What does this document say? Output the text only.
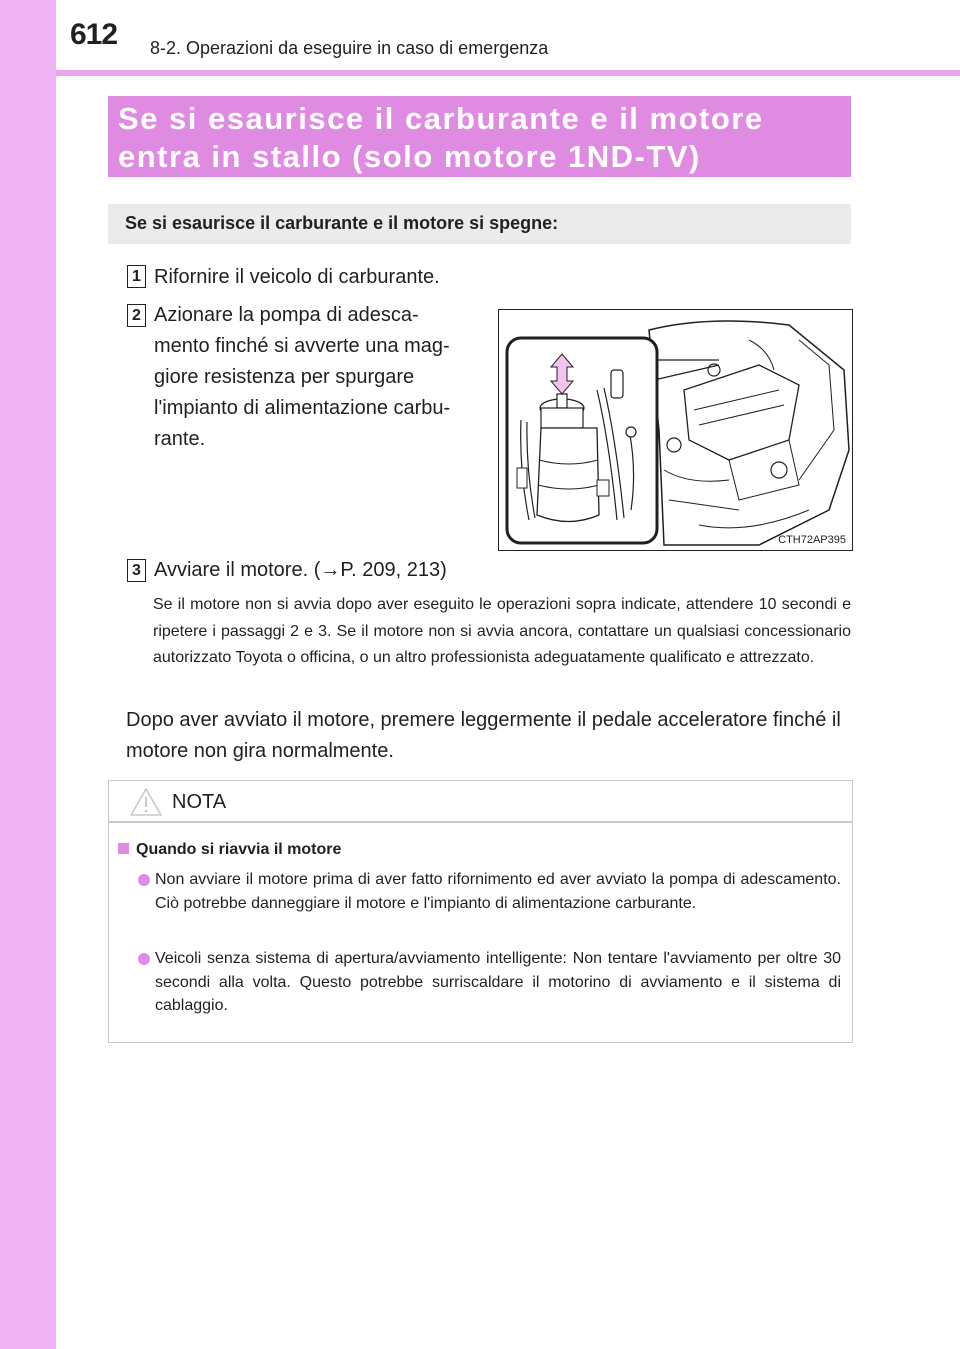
612 8-2. Operazioni da eseguire in caso di emergenza
Se si esaurisce il carburante e il motore entra in stallo (solo motore 1ND-TV)
Se si esaurisce il carburante e il motore si spegne:
1 Rifornire il veicolo di carburante.
2 Azionare la pompa di adesca-
mento finché si avverte una mag-
giore resistenza per spurgare
l'impianto di alimentazione carbu-
rante.
CTH72AP395
3 Avviare il motore. (→P. 209, 213)
Se il motore non si avvia dopo aver eseguito le operazioni sopra indicate, attendere 10 secondi e ripetere i passaggi 2 e 3. Se il motore non si avvia ancora, contattare un qualsiasi concessionario autorizzato Toyota o officina, o un altro professionista adeguatamente qualificato e attrezzato.
Dopo aver avviato il motore, premere leggermente il pedale acceleratore finché il motore non gira normalmente.
NOTA
Quando si riavvia il motore
Non avviare il motore prima di aver fatto rifornimento ed aver avviato la pompa di adescamento. Ciò potrebbe danneggiare il motore e l'impianto di alimentazione carburante.
Veicoli senza sistema di apertura/avviamento intelligente: Non tentare l'avviamento per oltre 30 secondi alla volta. Questo potrebbe surriscaldare il motorino di avviamento e il sistema di cablaggio.
